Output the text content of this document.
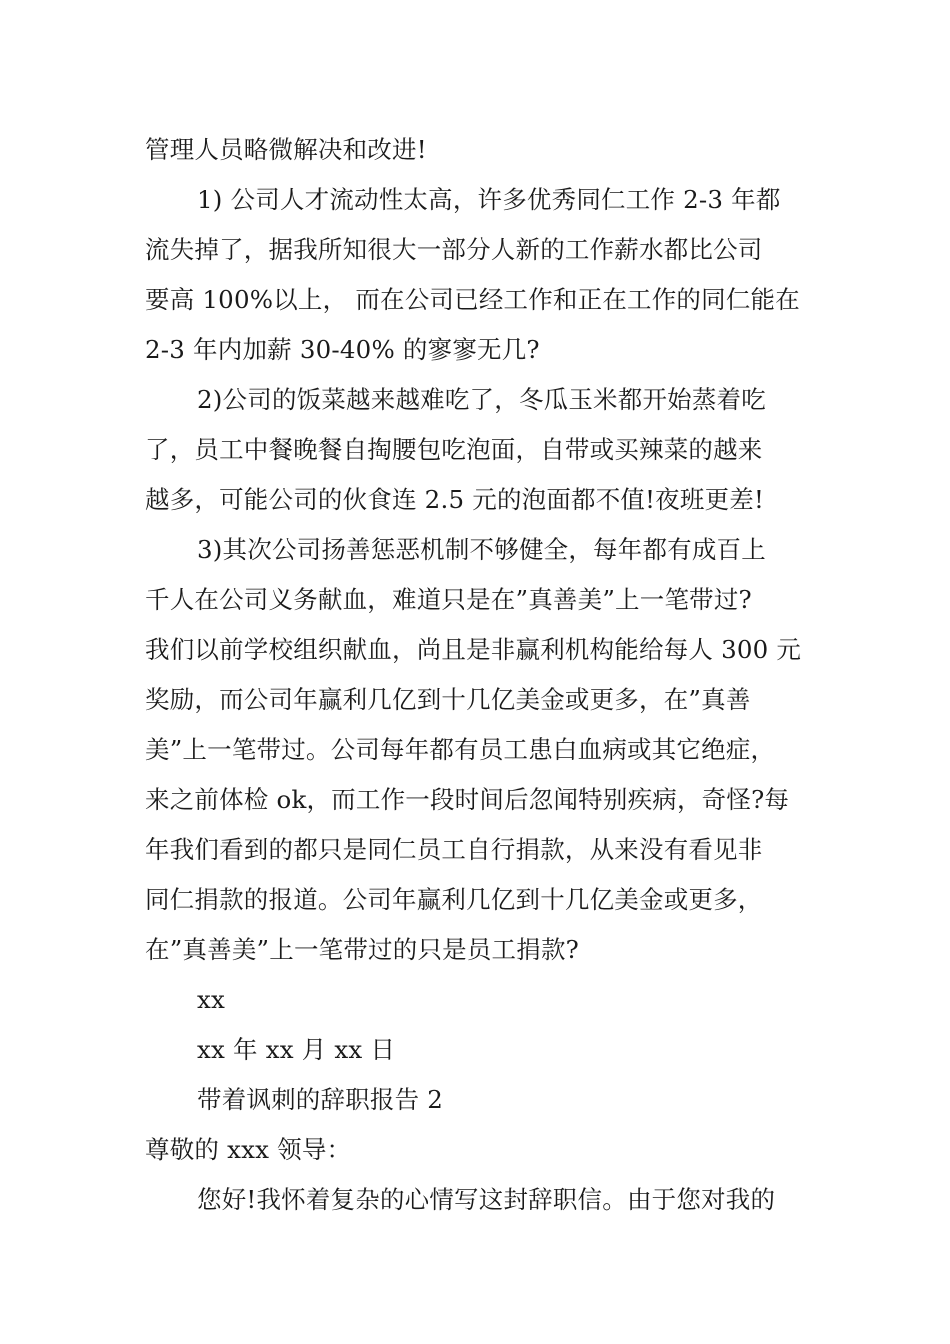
管理人员略微解决和改进!
1) 公司人才流动性太高，许多优秀同仁工作 2-3 年都
流失掉了，据我所知很大一部分人新的工作薪水都比公司
要高 100%以上， 而在公司已经工作和正在工作的同仁能在
2-3 年内加薪 30-40% 的寥寥无几?
2)公司的饭菜越来越难吃了，冬瓜玉米都开始蒸着吃
了，员工中餐晚餐自掏腰包吃泡面，自带或买辣菜的越来
越多，可能公司的伙食连 2.5 元的泡面都不值!夜班更差!
3)其次公司扬善惩恶机制不够健全，每年都有成百上
千人在公司义务献血，难道只是在”真善美”上一笔带过?
我们以前学校组织献血，尚且是非赢利机构能给每人 300 元
奖励，而公司年赢利几亿到十几亿美金或更多，在”真善
美”上一笔带过。公司每年都有员工患白血病或其它绝症，
来之前体检 ok，而工作一段时间后忽闻特别疾病，奇怪?每
年我们看到的都只是同仁员工自行捐款，从来没有看见非
同仁捐款的报道。公司年赢利几亿到十几亿美金或更多，
在”真善美”上一笔带过的只是员工捐款?
xx
xx 年 xx 月 xx 日
带着讽刺的辞职报告 2
尊敬的 xxx 领导：
您好!我怀着复杂的心情写这封辞职信。由于您对我的
